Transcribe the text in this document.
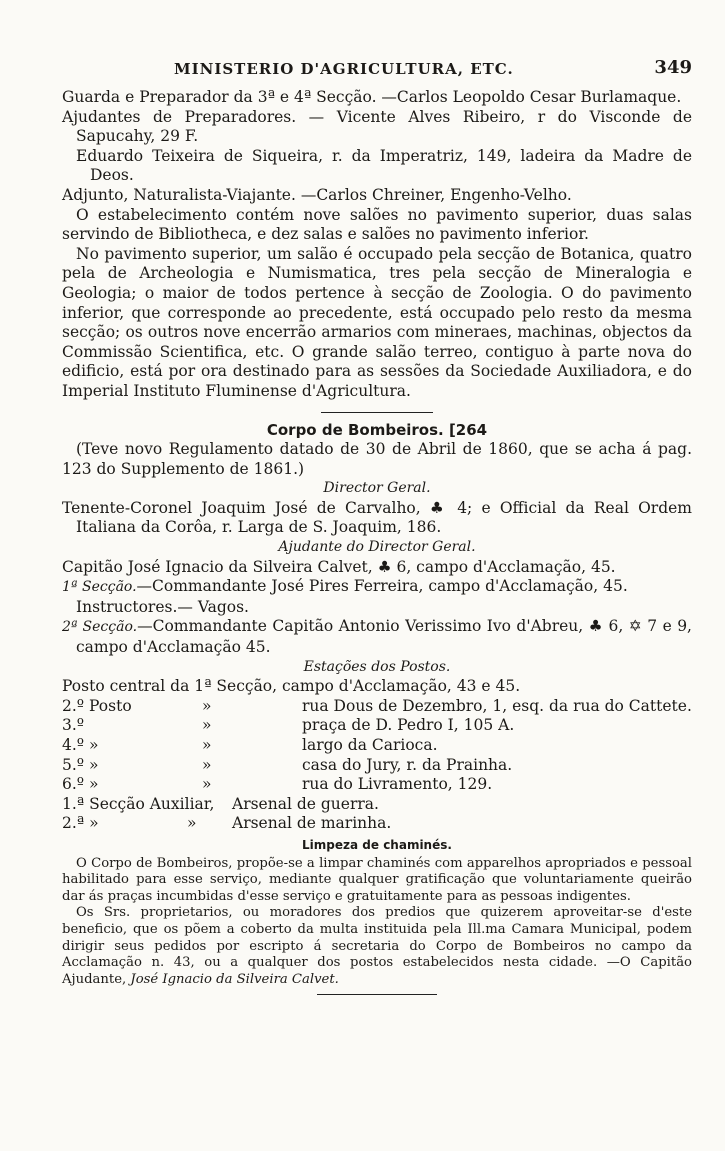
MINISTERIO D'AGRICULTURA, ETC.	349

Guarda e Preparador da 3ª e 4ª Secção. —Carlos Leopoldo Cesar Burlamaque.

Ajudantes de Preparadores. — Vicente Alves Ribeiro, r do Visconde de Sapucahy, 29 F.

Eduardo Teixeira de Siqueira, r. da Imperatriz, 149, ladeira da Madre de Deos.

Adjunto, Naturalista-Viajante. —Carlos Chreiner, Engenho-Velho.

O estabelecimento contém nove salões no pavimento superior, duas salas servindo de Bibliotheca, e dez salas e salões no pavimento inferior.

No pavimento superior, um salão é occupado pela secção de Botanica, quatro pela de Archeologia e Numismatica, tres pela secção de Mineralogia e Geologia; o maior de todos pertence à secção de Zoologia. O do pavimento inferior, que corresponde ao precedente, está occupado pelo resto da mesma secção; os outros nove encerrão armarios com mineraes, machinas, objectos da Commissão Scientifica, etc. O grande salão terreo, contiguo à parte nova do edificio, está por ora destinado para as sessões da Sociedade Auxiliadora, e do Imperial Instituto Fluminense d'Agricultura.

Corpo de Bombeiros. [264

(Teve novo Regulamento datado de 30 de Abril de 1860, que se acha á pag. 123 do Supplemento de 1861.)

Director Geral.

Tenente-Coronel Joaquim José de Carvalho, ♣ 4; e Official da Real Ordem Italiana da Corôa, r. Larga de S. Joaquim, 186.

Ajudante do Director Geral.

Capitão José Ignacio da Silveira Calvet, ♣ 6, campo d'Acclamação, 45.

1ª Secção.—Commandante José Pires Ferreira, campo d'Acclamação, 45.

Instructores.— Vagos.

2ª Secção.—Commandante Capitão Antonio Verissimo Ivo d'Abreu, ♣ 6, ✡ 7 e 9, campo d'Acclamação 45.

Estações dos Postos.

Posto central da 1ª Secção, campo d'Acclamação, 43 e 45.

2.º Posto	»	rua Dous de Dezembro, 1, esq. da rua do Cattete.
3.º	»	praça de D. Pedro I, 105 A.
4.º »	»	largo da Carioca.
5.º »	»	casa do Jury, r. da Prainha.
6.º »	»	rua do Livramento, 129.
1.ª Secção Auxiliar, Arsenal de guerra.
2.ª »	» Arsenal de marinha.
Limpeza de chaminés.

O Corpo de Bombeiros, propõe-se a limpar chaminés com apparelhos apropriados e pessoal habilitado para esse serviço, mediante qualquer gratificação que voluntariamente queirão dar ás praças incumbidas d'esse serviço e gratuitamente para as pessoas indigentes.

Os Srs. proprietarios, ou moradores dos predios que quizerem aproveitar-se d'este beneficio, que os põem a coberto da multa instituida pela Ill.ma Camara Municipal, podem dirigir seus pedidos por escripto á secretaria do Corpo de Bombeiros no campo da Acclamação n. 43, ou a qualquer dos postos estabelecidos nesta cidade. —O Capitão Ajudante, José Ignacio da Silveira Calvet.
